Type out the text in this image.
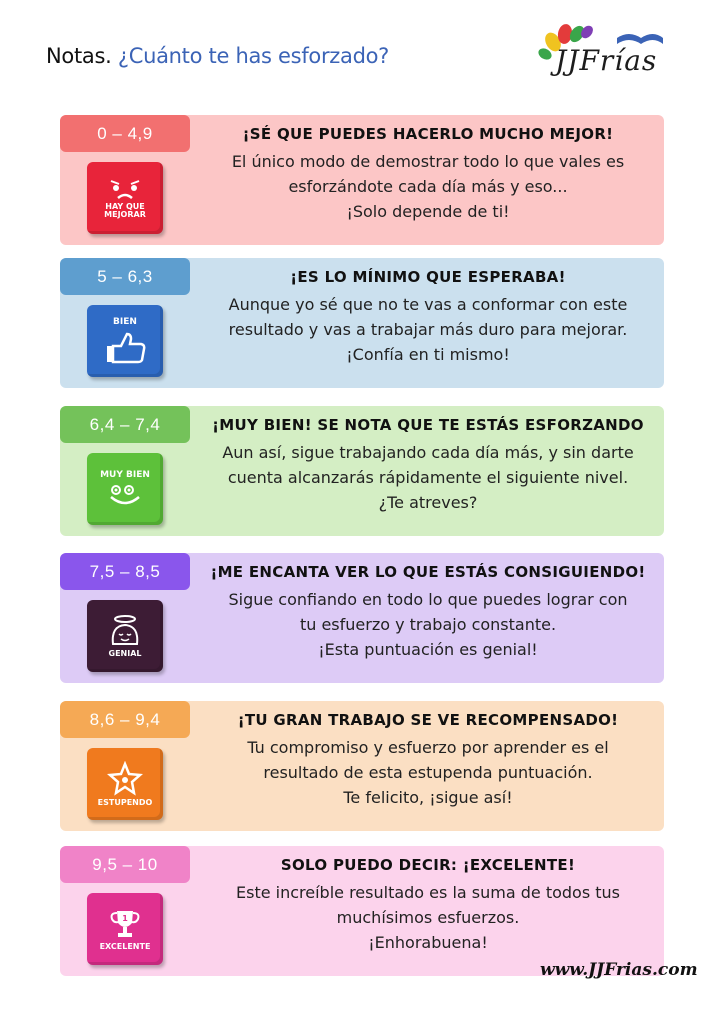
Notas. ¿Cuánto te has esforzado?	JJFrías
0 – 4,9
HAY QUE MEJORAR
¡SÉ QUE PUEDES HACERLO MUCHO MEJOR!
El único modo de demostrar todo lo que vales es
esforzándote cada día más y eso...
¡Solo depende de ti!
5 – 6,3
BIEN
¡ES LO MÍNIMO QUE ESPERABA!
Aunque yo sé que no te vas a conformar con este
resultado y vas a trabajar más duro para mejorar.
¡Confía en ti mismo!
6,4 – 7,4
MUY BIEN
¡MUY BIEN! SE NOTA QUE TE ESTÁS ESFORZANDO
Aun así, sigue trabajando cada día más, y sin darte
cuenta alcanzarás rápidamente el siguiente nivel.
¿Te atreves?
7,5 – 8,5
GENIAL
¡ME ENCANTA VER LO QUE ESTÁS CONSIGUIENDO!
Sigue confiando en todo lo que puedes lograr con
tu esfuerzo y trabajo constante.
¡Esta puntuación es genial!
8,6 – 9,4
ESTUPENDO
¡TU GRAN TRABAJO SE VE RECOMPENSADO!
Tu compromiso y esfuerzo por aprender es el
resultado de esta estupenda puntuación.
Te felicito, ¡sigue así!
9,5 – 10
1
EXCELENTE
SOLO PUEDO DECIR: ¡EXCELENTE!
Este increíble resultado es la suma de todos tus
muchísimos esfuerzos.
¡Enhorabuena!
www.JJFrias.com
